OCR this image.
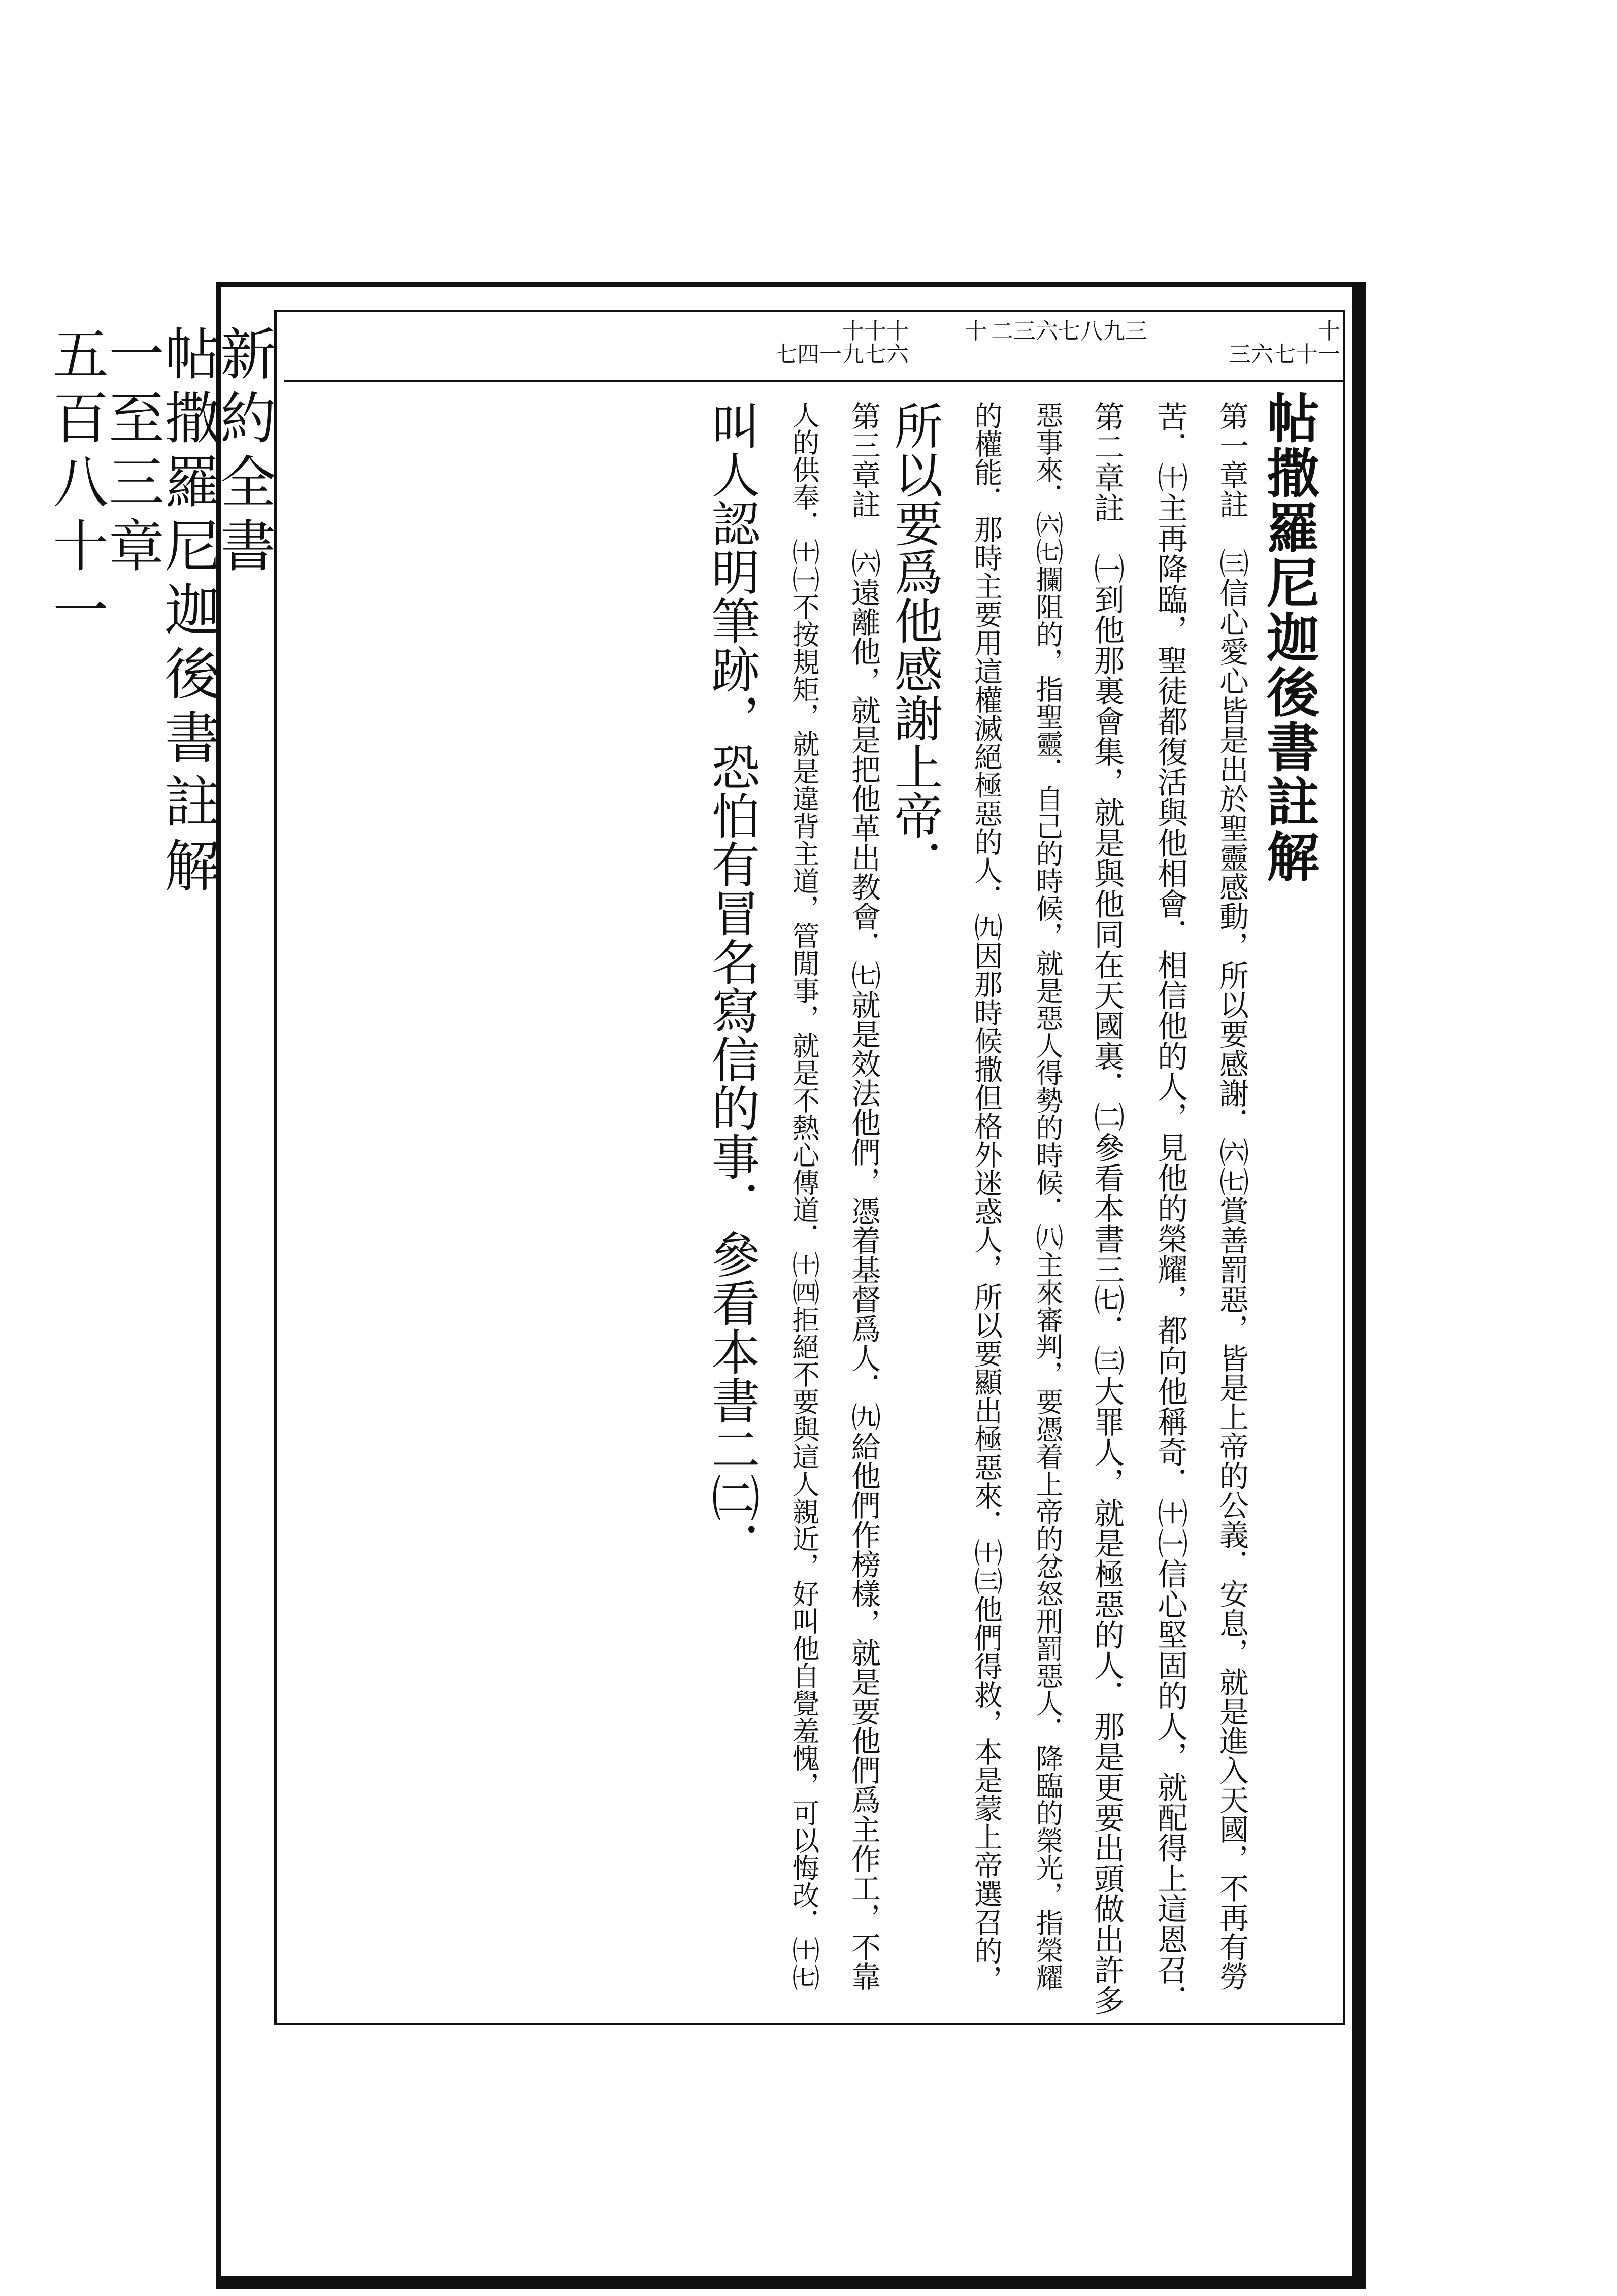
新約全書
帖撒羅尼迦後書註解
一至三章
五百八十一	十
三六七十一
二三六七八九三
十
十十十
七四一九七六
帖撒羅尼迦後書註解
第一章註　㈢信心愛心皆是出於聖靈感動，所以要感謝．㈥㈦賞善罰惡，皆是上帝的公義．安息，就是進入天國，不再有勞
苦．㈩主再降臨，聖徒都復活與他相會．相信他的人，見他的榮耀，都向他稱奇．㈩㈠信心堅固的人，就配得上這恩召．
第二章註　㈠到他那裏會集，就是與他同在天國裏．㈡參看本書三㈦．㈢大罪人，就是極惡的人．那是更要出頭做出許多
惡事來．㈥㈦攔阻的，指聖靈．自己的時候，就是惡人得勢的時候．㈧主來審判，要憑着上帝的忿怒刑罰惡人．降臨的榮光，指榮耀
的權能．那時主要用這權滅絕極惡的人．㈨因那時候撒但格外迷惑人，所以要顯出極惡來．㈩㈢他們得救，本是蒙上帝選召的，
所以要爲他感謝上帝．
第三章註　㈥遠離他，就是把他革出教會．㈦就是效法他們，憑着基督爲人．㈨給他們作榜樣，就是要他們爲主作工，不靠
人的供奉．㈩㈠不按規矩，就是違背主道，管閒事，就是不熱心傳道．㈩㈣拒絕不要與這人親近，好叫他自覺羞愧，可以悔改．㈩㈦
叫人認明筆跡，恐怕有冒名寫信的事．參看本書二㈡．
